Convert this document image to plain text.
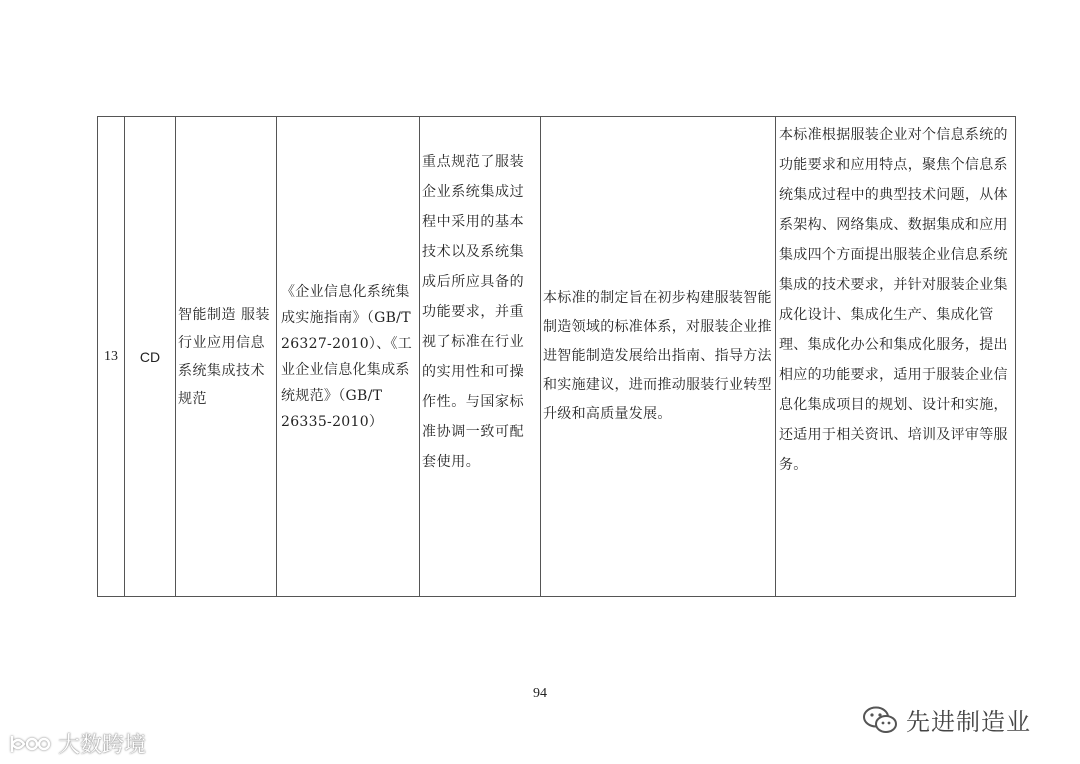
13	CD
智能制造 服装行业应用信息系统集成技术规范
《企业信息化系统集成实施指南》（GB/T 26327-2010）、《工业企业信息化集成系统规范》（GB/T 26335-2010）
重点规范了服装企业系统集成过程中采用的基本技术以及系统集成后所应具备的功能要求，并重视了标准在行业的实用性和可操作性。与国家标准协调一致可配套使用。
本标准的制定旨在初步构建服装智能制造领域的标准体系，对服装企业推进智能制造发展给出指南、指导方法和实施建议，进而推动服装行业转型升级和高质量发展。
本标准根据服装企业对个信息系统的功能要求和应用特点，聚焦个信息系统集成过程中的典型技术问题，从体系架构、网络集成、数据集成和应用集成四个方面提出服装企业信息系统集成的技术要求，并针对服装企业集成化设计、集成化生产、集成化管理、集成化办公和集成化服务，提出相应的功能要求，适用于服装企业信息化集成项目的规划、设计和实施，还适用于相关资讯、培训及评审等服务。
94
大数跨境
先进制造业
